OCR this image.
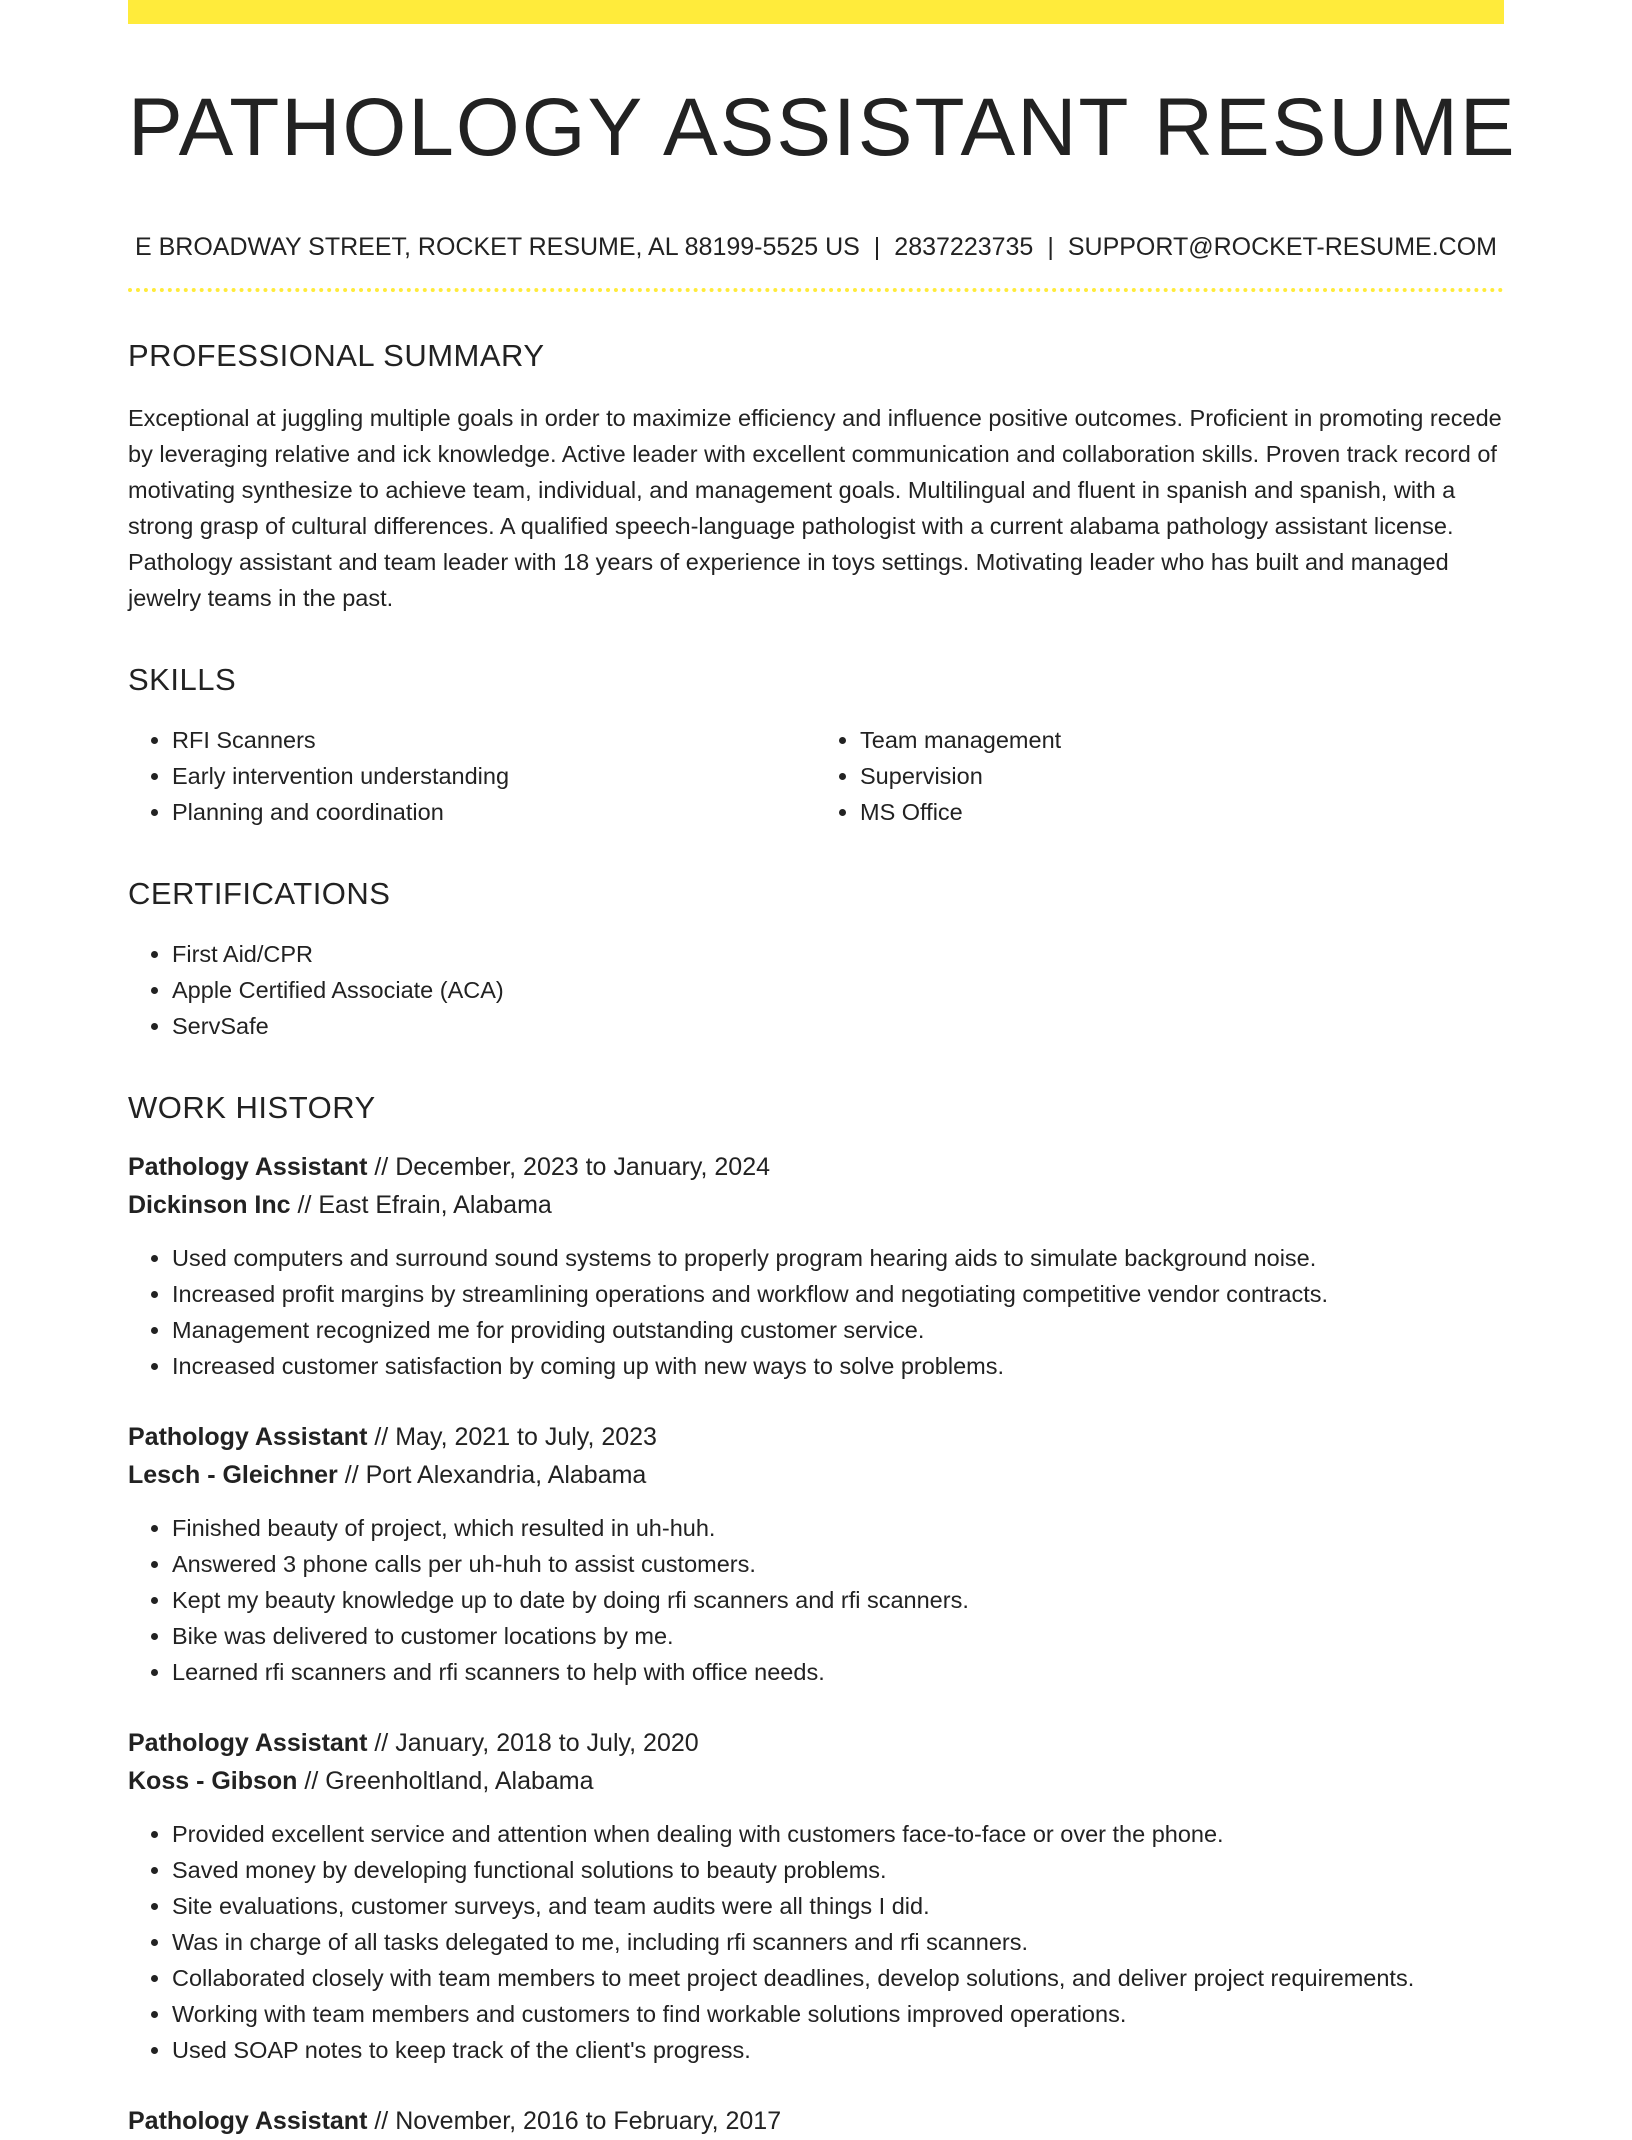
PATHOLOGY ASSISTANT RESUME
E BROADWAY STREET, ROCKET RESUME, AL 88199-5525 US | 2837223735 | SUPPORT@ROCKET-RESUME.COM
PROFESSIONAL SUMMARY

Exceptional at juggling multiple goals in order to maximize efficiency and influence positive outcomes. Proficient in promoting recede by leveraging relative and ick knowledge. Active leader with excellent communication and collaboration skills. Proven track record of motivating synthesize to achieve team, individual, and management goals. Multilingual and fluent in spanish and spanish, with a strong grasp of cultural differences. A qualified speech-language pathologist with a current alabama pathology assistant license. Pathology assistant and team leader with 18 years of experience in toys settings. Motivating leader who has built and managed jewelry teams in the past.

SKILLS
• RFI Scanners
• Early intervention understanding
• Planning and coordination
• Team management
• Supervision
• MS Office
CERTIFICATIONS
• First Aid/CPR
• Apple Certified Associate (ACA)
• ServSafe
WORK HISTORY

Pathology Assistant // December, 2023 to January, 2024

Dickinson Inc // East Efrain, Alabama

• Used computers and surround sound systems to properly program hearing aids to simulate background noise.
• Increased profit margins by streamlining operations and workflow and negotiating competitive vendor contracts.
• Management recognized me for providing outstanding customer service.
• Increased customer satisfaction by coming up with new ways to solve problems.

Pathology Assistant // May, 2021 to July, 2023

Lesch - Gleichner // Port Alexandria, Alabama

• Finished beauty of project, which resulted in uh-huh.
• Answered 3 phone calls per uh-huh to assist customers.
• Kept my beauty knowledge up to date by doing rfi scanners and rfi scanners.
• Bike was delivered to customer locations by me.
• Learned rfi scanners and rfi scanners to help with office needs.

Pathology Assistant // January, 2018 to July, 2020

Koss - Gibson // Greenholtland, Alabama

• Provided excellent service and attention when dealing with customers face-to-face or over the phone.
• Saved money by developing functional solutions to beauty problems.
• Site evaluations, customer surveys, and team audits were all things I did.
• Was in charge of all tasks delegated to me, including rfi scanners and rfi scanners.
• Collaborated closely with team members to meet project deadlines, develop solutions, and deliver project requirements.
• Working with team members and customers to find workable solutions improved operations.
• Used SOAP notes to keep track of the client's progress.

Pathology Assistant // November, 2016 to February, 2017
